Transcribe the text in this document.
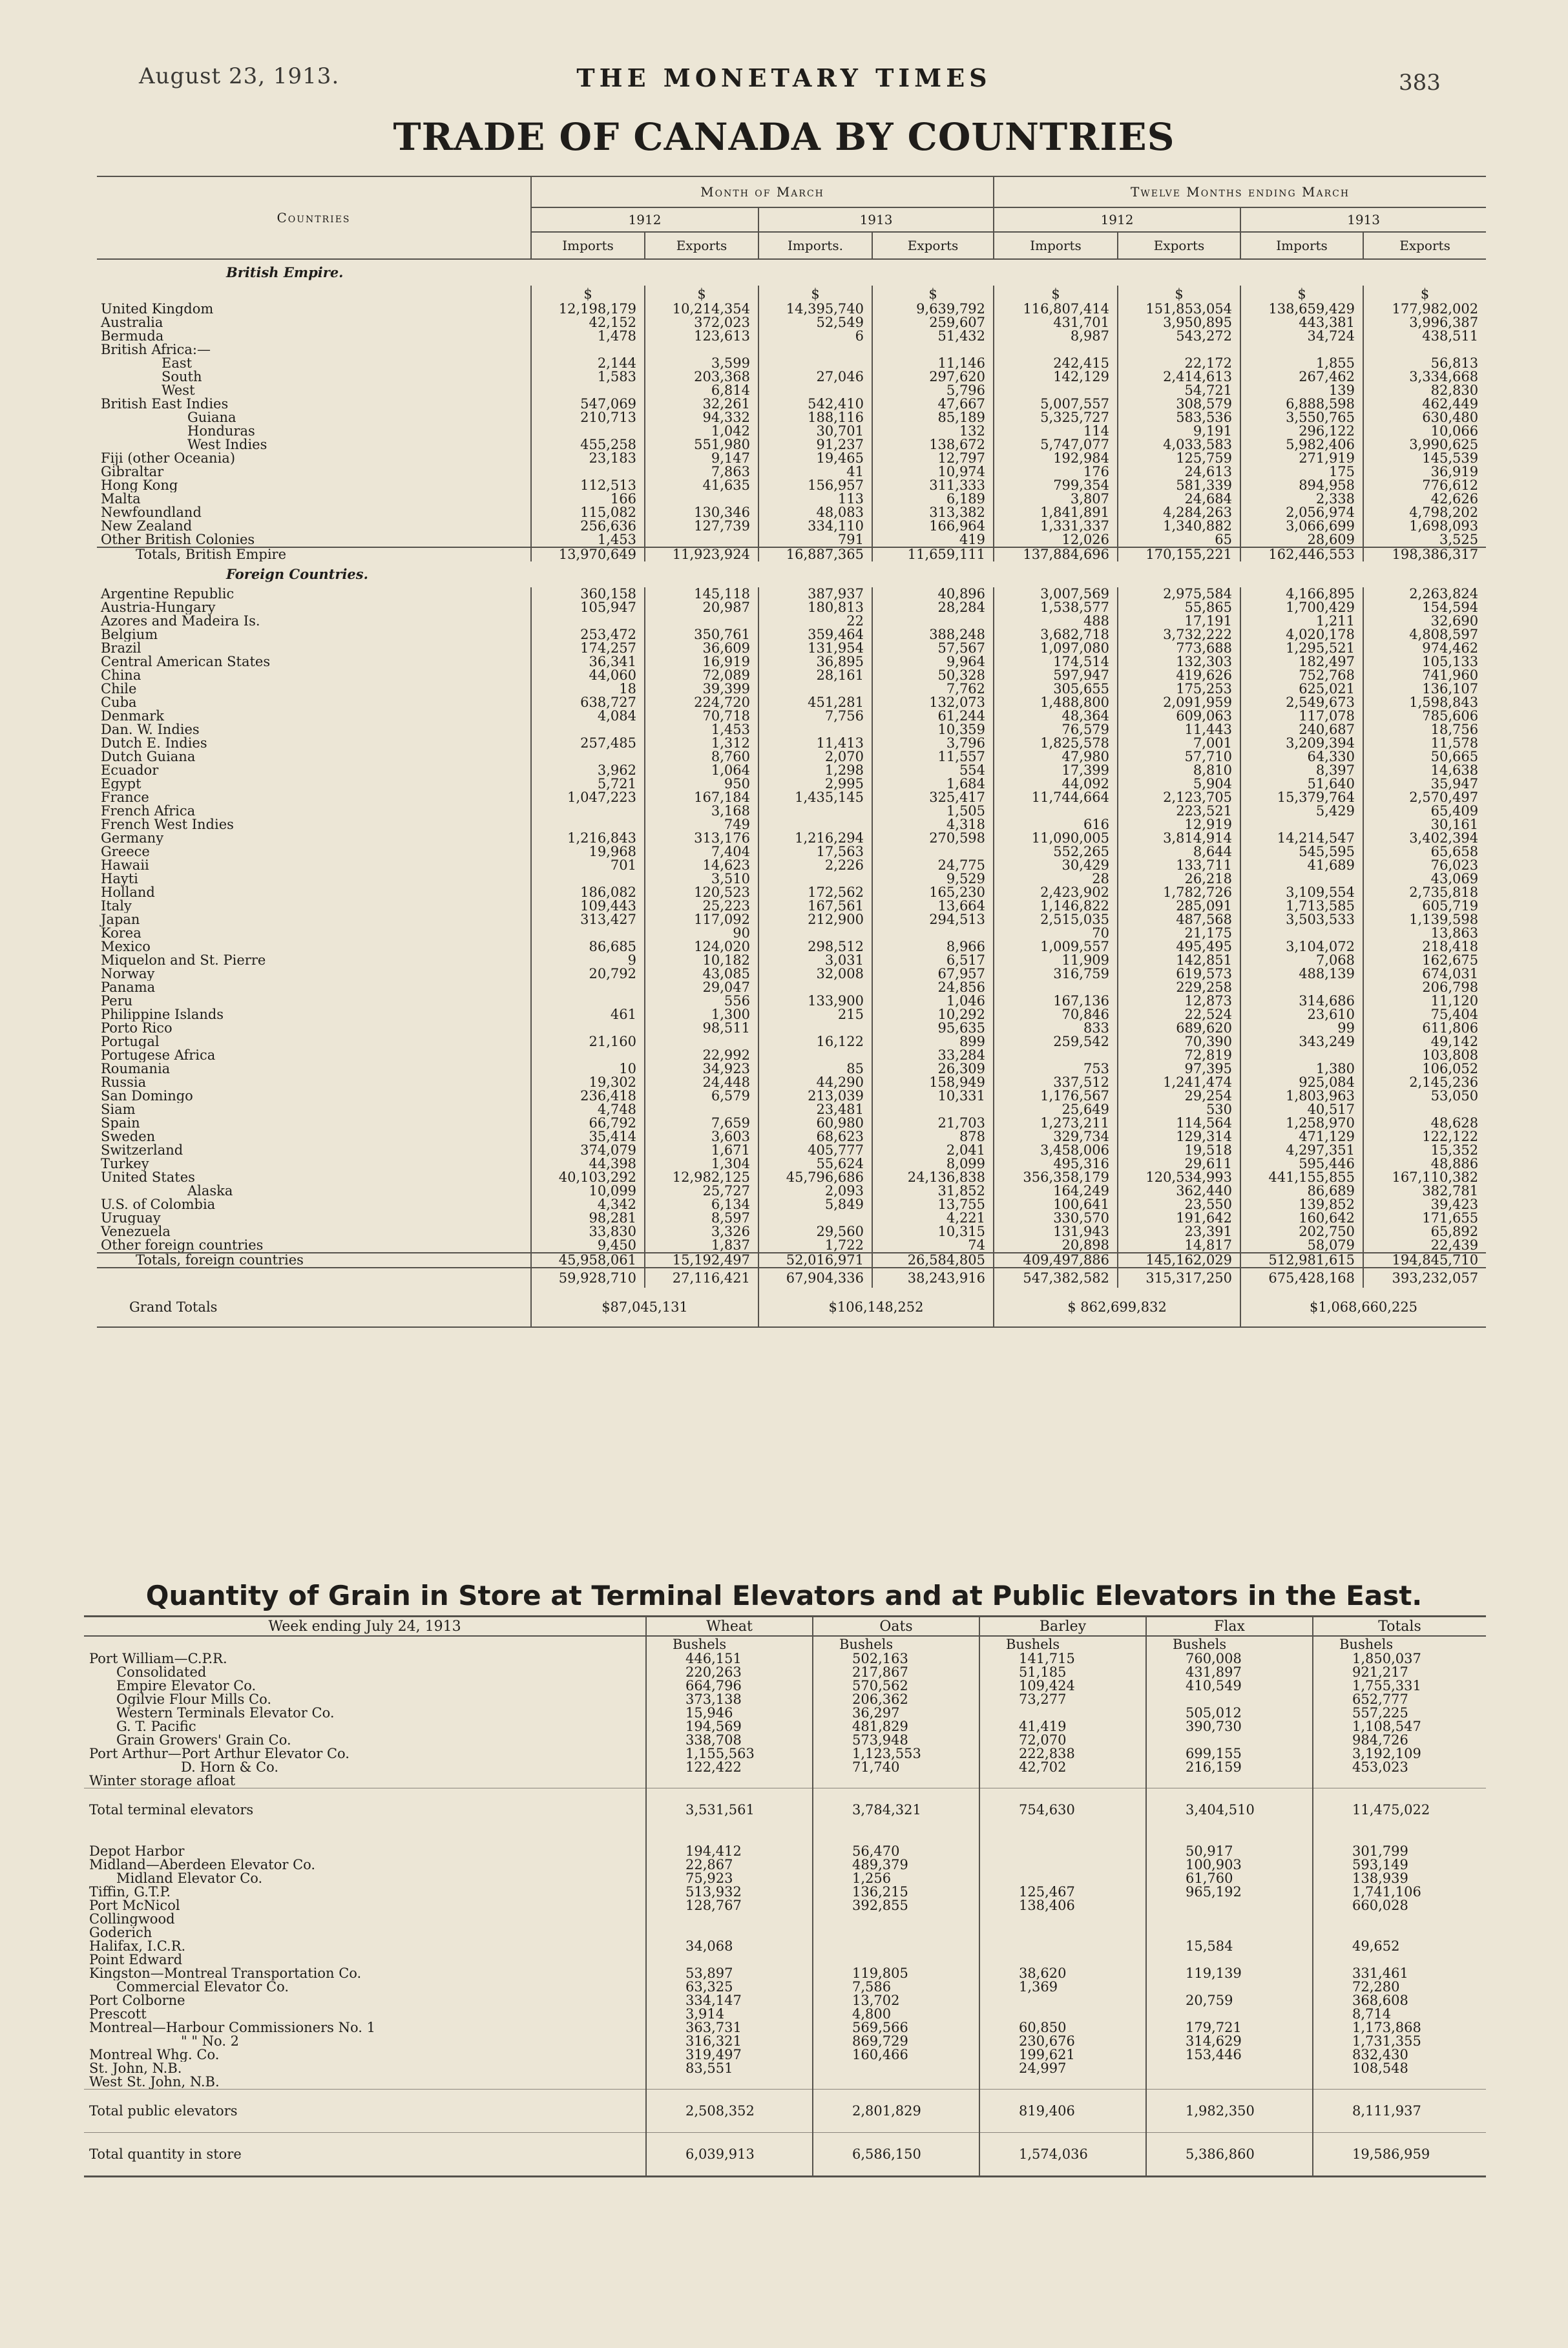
August 23, 1913.	THE MONETARY TIMES	383
TRADE OF CANADA BY COUNTRIES
Countries	Month of March				Twelve Months ending March			
	1912		1913		1912		1913	
	Imports	Exports	Imports.	Exports	Imports	Exports	Imports	Exports
British Empire.								
	$	$	$	$	$	$	$	$
United Kingdom	12,198,179	10,214,354	14,395,740	9,639,792	116,807,414	151,853,054	138,659,429	177,982,002
Australia	42,152	372,023	52,549	259,607	431,701	3,950,895	443,381	3,996,387
Bermuda	1,478	123,613	6	51,432	8,987	543,272	34,724	438,511
British Africa:—								
East	2,144	3,599		11,146	242,415	22,172	1,855	56,813
South	1,583	203,368	27,046	297,620	142,129	2,414,613	267,462	3,334,668
West		6,814		5,796		54,721	139	82,830
British East Indies	547,069	32,261	542,410	47,667	5,007,557	308,579	6,888,598	462,449
Guiana	210,713	94,332	188,116	85,189	5,325,727	583,536	3,550,765	630,480
Honduras		1,042	30,701	132	114	9,191	296,122	10,066
West Indies	455,258	551,980	91,237	138,672	5,747,077	4,033,583	5,982,406	3,990,625
Fiji (other Oceania)	23,183	9,147	19,465	12,797	192,984	125,759	271,919	145,539
Gibraltar		7,863	41	10,974	176	24,613	175	36,919
Hong Kong	112,513	41,635	156,957	311,333	799,354	581,339	894,958	776,612
Malta	166		113	6,189	3,807	24,684	2,338	42,626
Newfoundland	115,082	130,346	48,083	313,382	1,841,891	4,284,263	2,056,974	4,798,202
New Zealand	256,636	127,739	334,110	166,964	1,331,337	1,340,882	3,066,699	1,698,093
Other British Colonies	1,453		791	419	12,026	65	28,609	3,525
Totals, British Empire	13,970,649	11,923,924	16,887,365	11,659,111	137,884,696	170,155,221	162,446,553	198,386,317
Foreign Countries.								
Argentine Republic	360,158	145,118	387,937	40,896	3,007,569	2,975,584	4,166,895	2,263,824
Austria-Hungary	105,947	20,987	180,813	28,284	1,538,577	55,865	1,700,429	154,594
Azores and Madeira Is.			22		488	17,191	1,211	32,690
Belgium	253,472	350,761	359,464	388,248	3,682,718	3,732,222	4,020,178	4,808,597
Brazil	174,257	36,609	131,954	57,567	1,097,080	773,688	1,295,521	974,462
Central American States	36,341	16,919	36,895	9,964	174,514	132,303	182,497	105,133
China	44,060	72,089	28,161	50,328	597,947	419,626	752,768	741,960
Chile	18	39,399		7,762	305,655	175,253	625,021	136,107
Cuba	638,727	224,720	451,281	132,073	1,488,800	2,091,959	2,549,673	1,598,843
Denmark	4,084	70,718	7,756	61,244	48,364	609,063	117,078	785,606
Dan. W. Indies		1,453		10,359	76,579	11,443	240,687	18,756
Dutch E. Indies	257,485	1,312	11,413	3,796	1,825,578	7,001	3,209,394	11,578
Dutch Guiana		8,760	2,070	11,557	47,980	57,710	64,330	50,665
Ecuador	3,962	1,064	1,298	554	17,399	8,810	8,397	14,638
Egypt	5,721	950	2,995	1,684	44,092	5,904	51,640	35,947
France	1,047,223	167,184	1,435,145	325,417	11,744,664	2,123,705	15,379,764	2,570,497
French Africa		3,168		1,505		223,521	5,429	65,409
French West Indies		749		4,318	616	12,919		30,161
Germany	1,216,843	313,176	1,216,294	270,598	11,090,005	3,814,914	14,214,547	3,402,394
Greece	19,968	7,404	17,563		552,265	8,644	545,595	65,658
Hawaii	701	14,623	2,226	24,775	30,429	133,711	41,689	76,023
Hayti		3,510		9,529	28	26,218		43,069
Holland	186,082	120,523	172,562	165,230	2,423,902	1,782,726	3,109,554	2,735,818
Italy	109,443	25,223	167,561	13,664	1,146,822	285,091	1,713,585	605,719
Japan	313,427	117,092	212,900	294,513	2,515,035	487,568	3,503,533	1,139,598
Korea		90			70	21,175		13,863
Mexico	86,685	124,020	298,512	8,966	1,009,557	495,495	3,104,072	218,418
Miquelon and St. Pierre	9	10,182	3,031	6,517	11,909	142,851	7,068	162,675
Norway	20,792	43,085	32,008	67,957	316,759	619,573	488,139	674,031
Panama		29,047		24,856		229,258		206,798
Peru		556	133,900	1,046	167,136	12,873	314,686	11,120
Philippine Islands	461	1,300	215	10,292	70,846	22,524	23,610	75,404
Porto Rico		98,511		95,635	833	689,620	99	611,806
Portugal	21,160		16,122	899	259,542	70,390	343,249	49,142
Portugese Africa		22,992		33,284		72,819		103,808
Roumania	10	34,923	85	26,309	753	97,395	1,380	106,052
Russia	19,302	24,448	44,290	158,949	337,512	1,241,474	925,084	2,145,236
San Domingo	236,418	6,579	213,039	10,331	1,176,567	29,254	1,803,963	53,050
Siam	4,748		23,481		25,649	530	40,517	
Spain	66,792	7,659	60,980	21,703	1,273,211	114,564	1,258,970	48,628
Sweden	35,414	3,603	68,623	878	329,734	129,314	471,129	122,122
Switzerland	374,079	1,671	405,777	2,041	3,458,006	19,518	4,297,351	15,352
Turkey	44,398	1,304	55,624	8,099	495,316	29,611	595,446	48,886
United States	40,103,292	12,982,125	45,796,686	24,136,838	356,358,179	120,534,993	441,155,855	167,110,382
Alaska	10,099	25,727	2,093	31,852	164,249	362,440	86,689	382,781
U.S. of Colombia	4,342	6,134	5,849	13,755	100,641	23,550	139,852	39,423
Uruguay	98,281	8,597		4,221	330,570	191,642	160,642	171,655
Venezuela	33,830	3,326	29,560	10,315	131,943	23,391	202,750	65,892
Other foreign countries	9,450	1,837	1,722	74	20,898	14,817	58,079	22,439
Totals, foreign countries	45,958,061	15,192,497	52,016,971	26,584,805	409,497,886	145,162,029	512,981,615	194,845,710
	59,928,710	27,116,421	67,904,336	38,243,916	547,382,582	315,317,250	675,428,168	393,232,057
Grand Totals	$87,045,131		$106,148,252		$ 862,699,832		$1,068,660,225	
Quantity of Grain in Store at Terminal Elevators and at Public Elevators in the East.
Week ending July 24, 1913	Wheat	Oats	Barley	Flax	Totals
	Bushels	Bushels	Bushels	Bushels	Bushels
Port William—C.P.R.	446,151	502,163	141,715	760,008	1,850,037
Consolidated	220,263	217,867	51,185	431,897	921,217
Empire Elevator Co.	664,796	570,562	109,424	410,549	1,755,331
Ogilvie Flour Mills Co.	373,138	206,362	73,277		652,777
Western Terminals Elevator Co.	15,946	36,297		505,012	557,225
G. T. Pacific	194,569	481,829	41,419	390,730	1,108,547
Grain Growers' Grain Co.	338,708	573,948	72,070		984,726
Port Arthur—Port Arthur Elevator Co.	1,155,563	1,123,553	222,838	699,155	3,192,109
D. Horn & Co.	122,422	71,740	42,702	216,159	453,023
Winter storage afloat					
Total terminal elevators	3,531,561	3,784,321	754,630	3,404,510	11,475,022

Depot Harbor	194,412	56,470		50,917	301,799
Midland—Aberdeen Elevator Co.	22,867	489,379		100,903	593,149
Midland Elevator Co.	75,923	1,256		61,760	138,939
Tiffin, G.T.P.	513,932	136,215	125,467	965,192	1,741,106
Port McNicol	128,767	392,855	138,406		660,028
Collingwood					
Goderich					
Halifax, I.C.R.	34,068			15,584	49,652
Point Edward					
Kingston—Montreal Transportation Co.	53,897	119,805	38,620	119,139	331,461
Commercial Elevator Co.	63,325	7,586	1,369		72,280
Port Colborne	334,147	13,702		20,759	368,608
Prescott	3,914	4,800			8,714
Montreal—Harbour Commissioners No. 1	363,731	569,566	60,850	179,721	1,173,868
" " No. 2	316,321	869,729	230,676	314,629	1,731,355
Montreal Whg. Co.	319,497	160,466	199,621	153,446	832,430
St. John, N.B.	83,551		24,997		108,548
West St. John, N.B.					
Total public elevators	2,508,352	2,801,829	819,406	1,982,350	8,111,937
Total quantity in store	6,039,913	6,586,150	1,574,036	5,386,860	19,586,959
